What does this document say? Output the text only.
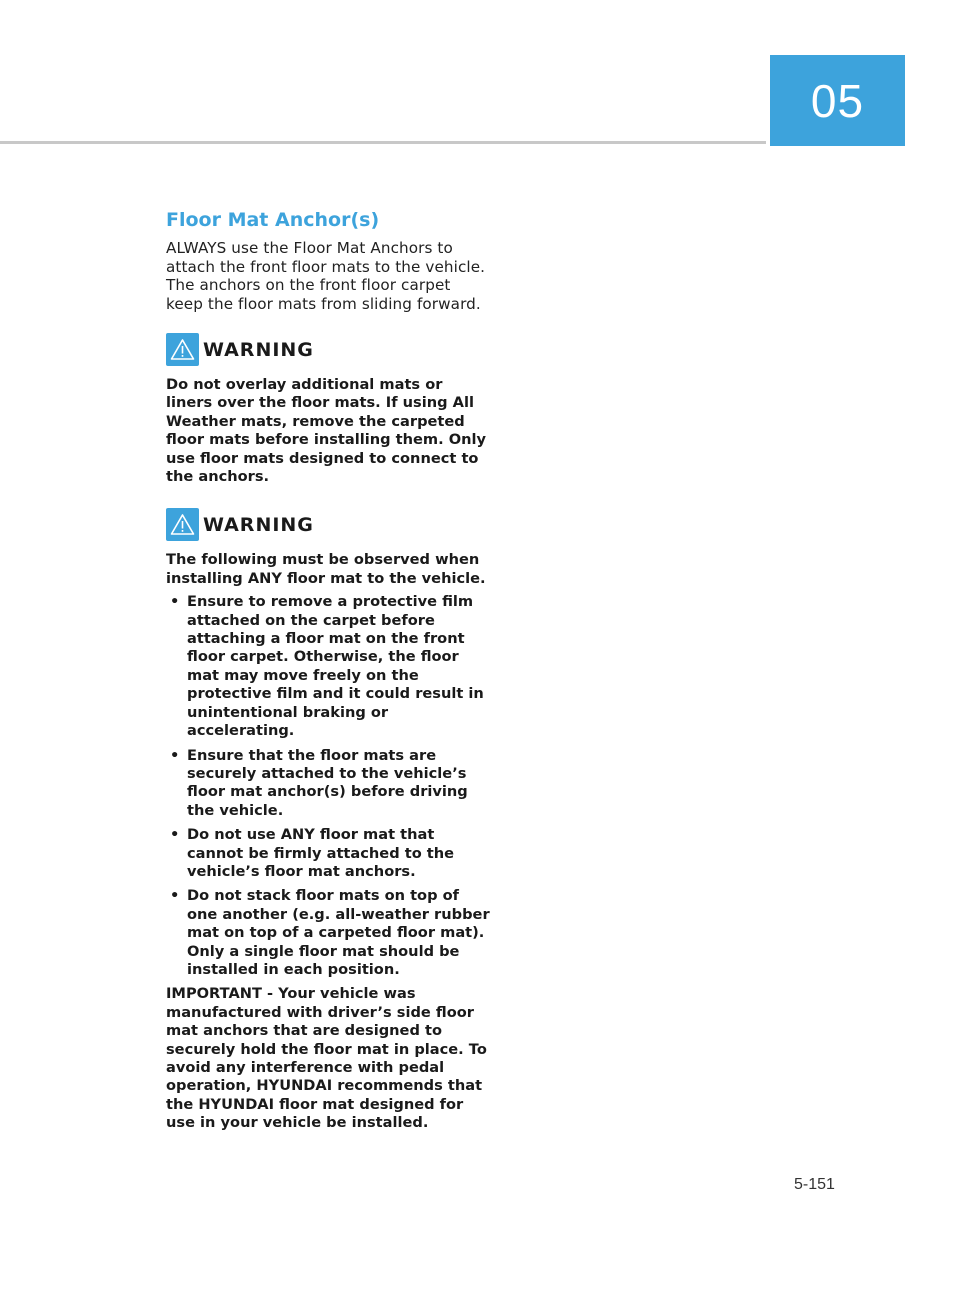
05
Floor Mat Anchor(s)

ALWAYS use the Floor Mat Anchors to attach the front floor mats to the vehicle. The anchors on the front floor carpet keep the floor mats from sliding forward.

WARNING

Do not overlay additional mats or liners over the floor mats. If using All Weather mats, remove the carpeted floor mats before installing them. Only use floor mats designed to connect to the anchors.

WARNING

The following must be observed when installing ANY floor mat to the vehicle.

• Ensure to remove a protective film attached on the carpet before attaching a floor mat on the front floor carpet. Otherwise, the floor mat may move freely on the protective film and it could result in unintentional braking or accelerating.
• Ensure that the floor mats are securely attached to the vehicle’s floor mat anchor(s) before driving the vehicle.
• Do not use ANY floor mat that cannot be firmly attached to the vehicle’s floor mat anchors.
• Do not stack floor mats on top of one another (e.g. all-weather rubber mat on top of a carpeted floor mat). Only a single floor mat should be installed in each position.

IMPORTANT - Your vehicle was manufactured with driver’s side floor mat anchors that are designed to securely hold the floor mat in place. To avoid any interference with pedal operation, HYUNDAI recommends that the HYUNDAI floor mat designed for use in your vehicle be installed.

5-151
